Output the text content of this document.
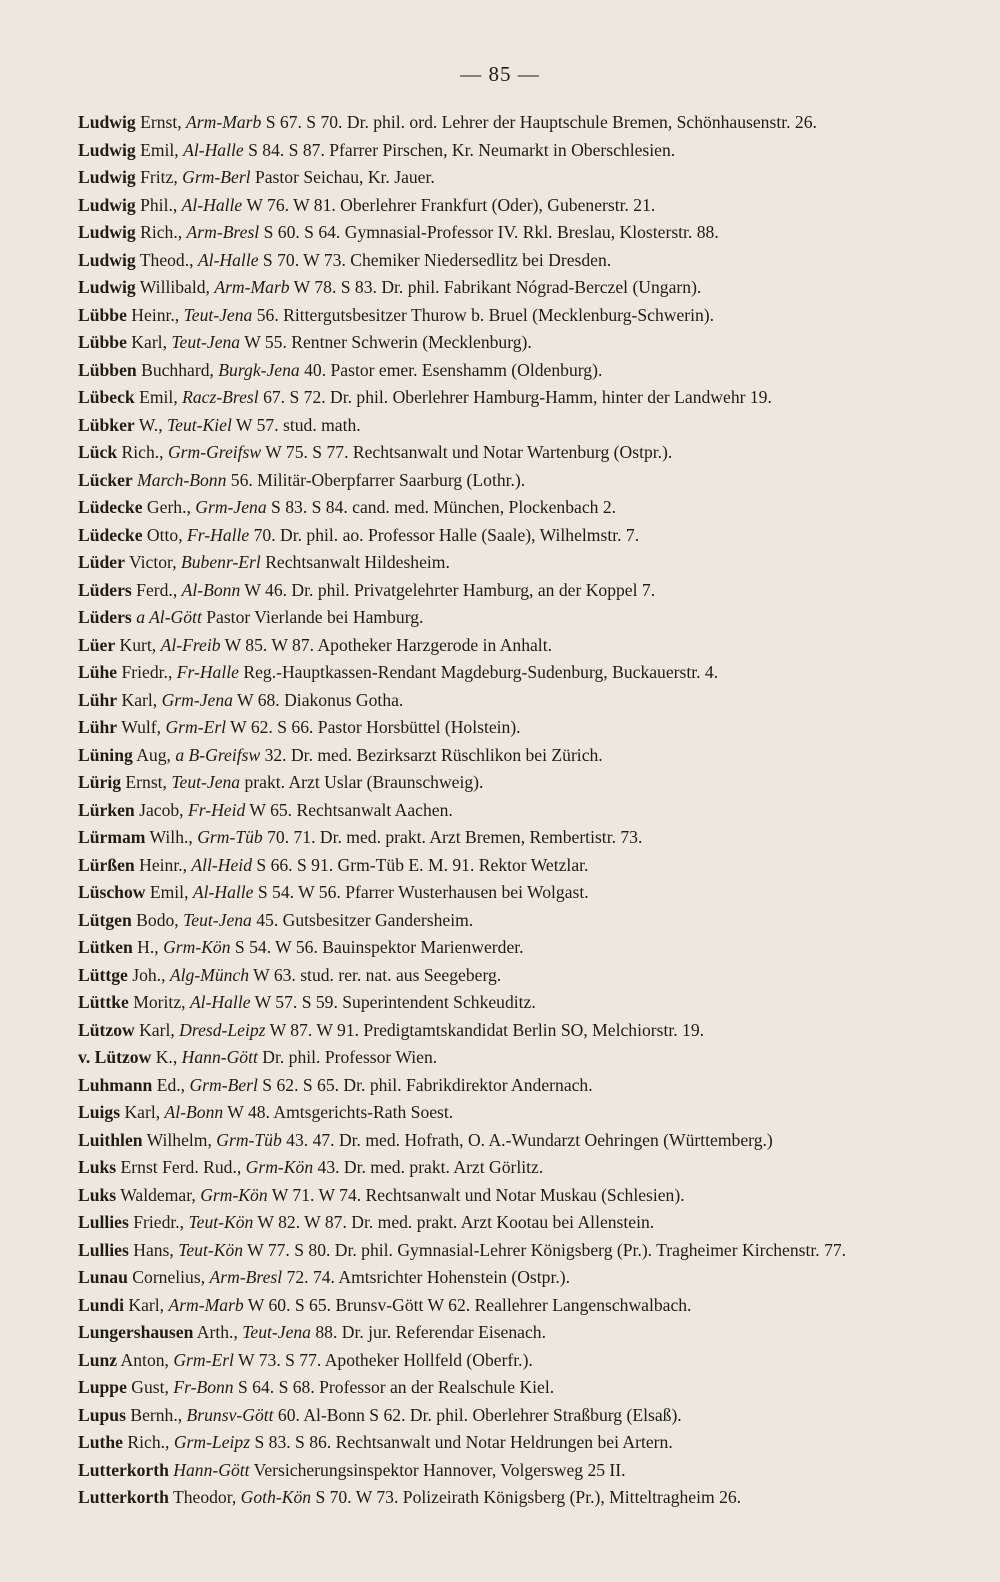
— 85 —

Ludwig Ernst, Arm-Marb S 67. S 70. Dr. phil. ord. Lehrer der Hauptschule Bremen, Schönhausenstr. 26.

Ludwig Emil, Al-Halle S 84. S 87. Pfarrer Pirschen, Kr. Neumarkt in Oberschlesien.

Ludwig Fritz, Grm-Berl Pastor Seichau, Kr. Jauer.

Ludwig Phil., Al-Halle W 76. W 81. Oberlehrer Frankfurt (Oder), Gubenerstr. 21.

Ludwig Rich., Arm-Bresl S 60. S 64. Gymnasial-Professor IV. Rkl. Breslau, Klosterstr. 88.

Ludwig Theod., Al-Halle S 70. W 73. Chemiker Niedersedlitz bei Dresden.

Ludwig Willibald, Arm-Marb W 78. S 83. Dr. phil. Fabrikant Nógrad-Berczel (Ungarn).

Lübbe Heinr., Teut-Jena 56. Rittergutsbesitzer Thurow b. Bruel (Mecklenburg-Schwerin).

Lübbe Karl, Teut-Jena W 55. Rentner Schwerin (Mecklenburg).

Lübben Buchhard, Burgk-Jena 40. Pastor emer. Esenshamm (Oldenburg).

Lübeck Emil, Racz-Bresl 67. S 72. Dr. phil. Oberlehrer Hamburg-Hamm, hinter der Landwehr 19.

Lübker W., Teut-Kiel W 57. stud. math.

Lück Rich., Grm-Greifsw W 75. S 77. Rechtsanwalt und Notar Wartenburg (Ostpr.).

Lücker March-Bonn 56. Militär-Oberpfarrer Saarburg (Lothr.).

Lüdecke Gerh., Grm-Jena S 83. S 84. cand. med. München, Plockenbach 2.

Lüdecke Otto, Fr-Halle 70. Dr. phil. ao. Professor Halle (Saale), Wilhelmstr. 7.

Lüder Victor, Bubenr-Erl Rechtsanwalt Hildesheim.

Lüders Ferd., Al-Bonn W 46. Dr. phil. Privatgelehrter Hamburg, an der Koppel 7.

Lüders a Al-Gött Pastor Vierlande bei Hamburg.

Lüer Kurt, Al-Freib W 85. W 87. Apotheker Harzgerode in Anhalt.

Lühe Friedr., Fr-Halle Reg.-Hauptkassen-Rendant Magdeburg-Sudenburg, Buckauerstr. 4.

Lühr Karl, Grm-Jena W 68. Diakonus Gotha.

Lühr Wulf, Grm-Erl W 62. S 66. Pastor Horsbüttel (Holstein).

Lüning Aug, a B-Greifsw 32. Dr. med. Bezirksarzt Rüschlikon bei Zürich.

Lürig Ernst, Teut-Jena prakt. Arzt Uslar (Braunschweig).

Lürken Jacob, Fr-Heid W 65. Rechtsanwalt Aachen.

Lürmam Wilh., Grm-Tüb 70. 71. Dr. med. prakt. Arzt Bremen, Rembertistr. 73.

Lürßen Heinr., All-Heid S 66. S 91. Grm-Tüb E. M. 91. Rektor Wetzlar.

Lüschow Emil, Al-Halle S 54. W 56. Pfarrer Wusterhausen bei Wolgast.

Lütgen Bodo, Teut-Jena 45. Gutsbesitzer Gandersheim.

Lütken H., Grm-Kön S 54. W 56. Bauinspektor Marienwerder.

Lüttge Joh., Alg-Münch W 63. stud. rer. nat. aus Seegeberg.

Lüttke Moritz, Al-Halle W 57. S 59. Superintendent Schkeuditz.

Lützow Karl, Dresd-Leipz W 87. W 91. Predigtamtskandidat Berlin SO, Melchiorstr. 19.

v. Lützow K., Hann-Gött Dr. phil. Professor Wien.

Luhmann Ed., Grm-Berl S 62. S 65. Dr. phil. Fabrikdirektor Andernach.

Luigs Karl, Al-Bonn W 48. Amtsgerichts-Rath Soest.

Luithlen Wilhelm, Grm-Tüb 43. 47. Dr. med. Hofrath, O. A.-Wundarzt Oehringen (Württemberg.)

Luks Ernst Ferd. Rud., Grm-Kön 43. Dr. med. prakt. Arzt Görlitz.

Luks Waldemar, Grm-Kön W 71. W 74. Rechtsanwalt und Notar Muskau (Schlesien).

Lullies Friedr., Teut-Kön W 82. W 87. Dr. med. prakt. Arzt Kootau bei Allenstein.

Lullies Hans, Teut-Kön W 77. S 80. Dr. phil. Gymnasial-Lehrer Königsberg (Pr.). Tragheimer Kirchenstr. 77.

Lunau Cornelius, Arm-Bresl 72. 74. Amtsrichter Hohenstein (Ostpr.).

Lundi Karl, Arm-Marb W 60. S 65. Brunsv-Gött W 62. Reallehrer Langenschwalbach.

Lungershausen Arth., Teut-Jena 88. Dr. jur. Referendar Eisenach.

Lunz Anton, Grm-Erl W 73. S 77. Apotheker Hollfeld (Oberfr.).

Luppe Gust, Fr-Bonn S 64. S 68. Professor an der Realschule Kiel.

Lupus Bernh., Brunsv-Gött 60. Al-Bonn S 62. Dr. phil. Oberlehrer Straßburg (Elsaß).

Luthe Rich., Grm-Leipz S 83. S 86. Rechtsanwalt und Notar Heldrungen bei Artern.

Lutterkorth Hann-Gött Versicherungsinspektor Hannover, Volgersweg 25 II.

Lutterkorth Theodor, Goth-Kön S 70. W 73. Polizeirath Königsberg (Pr.), Mitteltragheim 26.
